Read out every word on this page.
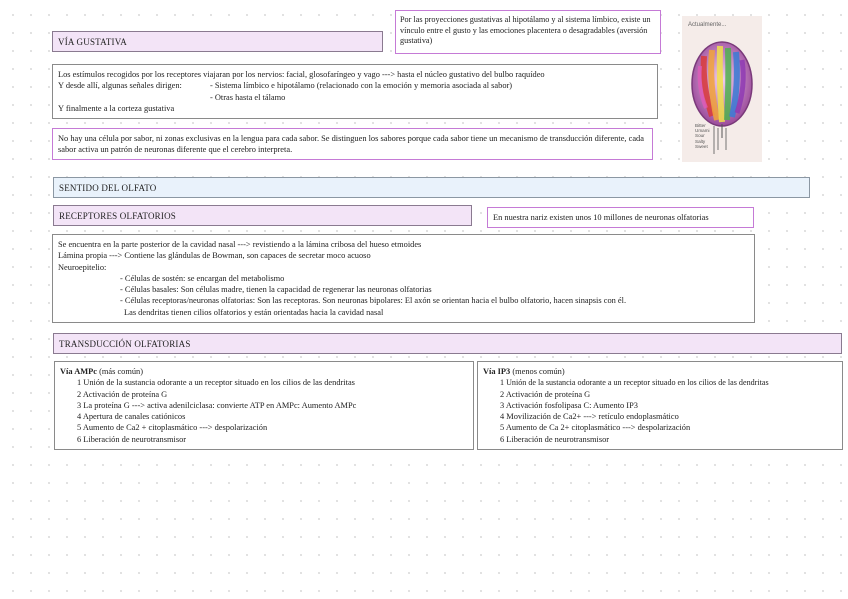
VÍA GUSTATIVA
Por las proyecciones gustativas al hipotálamo y al sistema límbico, existe un vínculo entre el gusto y las emociones placentera o desagradables (aversión gustativa)
Actualmente...
Bitter
Umami
Sour
Salty
Sweet
Los estímulos recogidos por los receptores viajaran por los nervios: facial, glosofaríngeo y vago ---> hasta el núcleo gustativo del bulbo raquídeo
Y desde allí, algunas señales dirigen:	- Sistema límbico e hipotálamo (relacionado con la emoción y memoria asociada al sabor)
- Otras hasta el tálamo
Y finalmente a la corteza gustativa
No hay una célula por sabor, ni zonas exclusivas en la lengua para cada sabor. Se distinguen los sabores porque cada sabor tiene un mecanismo de transducción diferente, cada sabor activa un patrón de neuronas diferente que el cerebro interpreta.
SENTIDO DEL OLFATO
RECEPTORES OLFATORIOS	En nuestra nariz existen unos 10 millones de neuronas olfatorias
Se encuentra en la parte posterior de la cavidad nasal ---> revistiendo a la lámina cribosa del hueso etmoides
Lámina propia ---> Contiene las glándulas de Bowman, son capaces de secretar moco acuoso
Neuroepitelio:
- Células de sostén: se encargan del metabolismo
- Células basales: Son células madre, tienen la capacidad de regenerar las neuronas olfatorias
- Células receptoras/neuronas olfatorias: Son las receptoras. Son neuronas bipolares: El axón se orientan hacia el bulbo olfatorio, hacen sinapsis con él.
Las dendritas tienen cilios olfatorios y están orientadas hacia la cavidad nasal
TRANSDUCCIÓN OLFATORIAS
Vía AMPc (más común)
1 Unión de la sustancia odorante a un receptor situado en los cilios de las dendritas
2 Activación de proteína G
3 La proteína G ---> activa adenilciclasa: convierte ATP en AMPc: Aumento AMPc
4 Apertura de canales catiónicos
5 Aumento de Ca2 + citoplasmático ---> despolarización
6 Liberación de neurotransmisor
Vía IP3 (menos común)
1 Unión de la sustancia odorante a un receptor situado en los cilios de las dendritas
2 Activación de proteína G
3 Activación fosfolipasa C: Aumento IP3
4 Movilización de Ca2+ ---> retículo endoplasmático
5 Aumento de Ca 2+ citoplasmático ---> despolarización
6 Liberación de neurotransmisor
